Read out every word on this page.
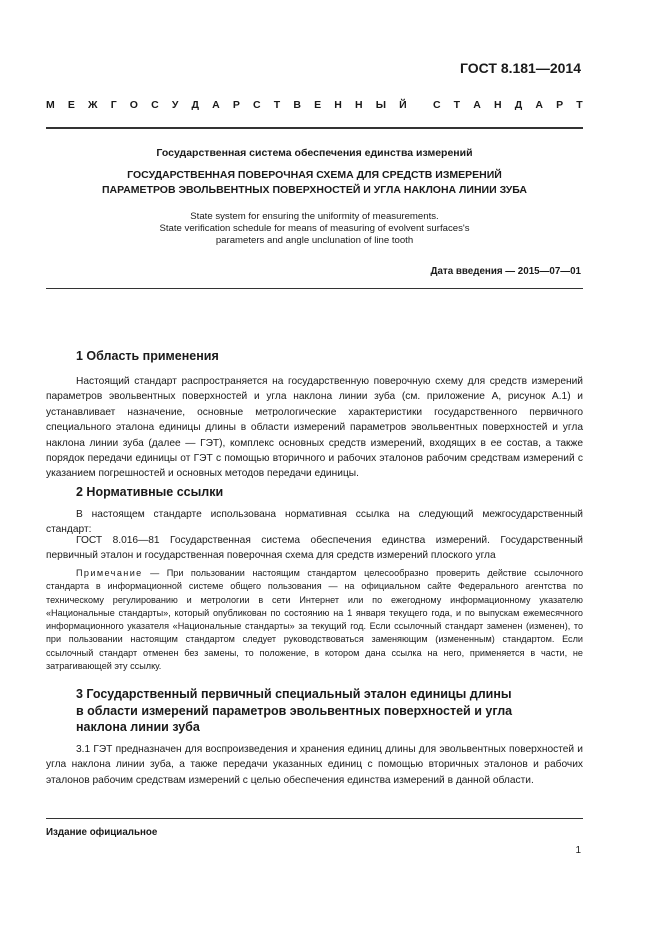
ГОСТ 8.181—2014
М Е Ж Г О С У Д А Р С Т В Е Н Н Ы Й	С Т А Н Д А Р Т
Государственная система обеспечения единства измерений
ГОСУДАРСТВЕННАЯ ПОВЕРОЧНАЯ СХЕМА ДЛЯ СРЕДСТВ ИЗМЕРЕНИЙ
ПАРАМЕТРОВ ЭВОЛЬВЕНТНЫХ ПОВЕРХНОСТЕЙ И УГЛА НАКЛОНА ЛИНИИ ЗУБА
State system for ensuring the uniformity of measurements.
State verification schedule for means of measuring of evolvent surfaces's
parameters and angle unclunation of line tooth
Дата введения — 2015—07—01
1 Область применения
Настоящий стандарт распространяется на государственную поверочную схему для средств измерений параметров эвольвентных поверхностей и угла наклона линии зуба (см. приложение А, рисунок А.1) и устанавливает назначение, основные метрологические характеристики государственного первичного специального эталона единицы длины в области измерений параметров эвольвентных поверхностей и угла наклона линии зуба (далее — ГЭТ), комплекс основных средств измерений, входящих в ее состав, а также порядок передачи единицы от ГЭТ с помощью вторичного и рабочих эталонов рабочим средствам измерений с указанием погрешностей и основных методов передачи единицы.
2 Нормативные ссылки
В настоящем стандарте использована нормативная ссылка на следующий межгосударственный стандарт:
ГОСТ 8.016—81 Государственная система обеспечения единства измерений. Государственный первичный эталон и государственная поверочная схема для средств измерений плоского угла
Примечание — При пользовании настоящим стандартом целесообразно проверить действие ссылочного стандарта в информационной системе общего пользования — на официальном сайте Федерального агентства по техническому регулированию и метрологии в сети Интернет или по ежегодному информационному указателю «Национальные стандарты», который опубликован по состоянию на 1 января текущего года, и по выпускам ежемесячного информационного указателя «Национальные стандарты» за текущий год. Если ссылочный стандарт заменен (изменен), то при пользовании настоящим стандартом следует руководствоваться заменяющим (измененным) стандартом. Если ссылочный стандарт отменен без замены, то положение, в котором дана ссылка на него, применяется в части, не затрагивающей эту ссылку.
3 Государственный первичный специальный эталон единицы длины
в области измерений параметров эвольвентных поверхностей и угла
наклона линии зуба
3.1 ГЭТ предназначен для воспроизведения и хранения единиц длины для эвольвентных поверхностей и угла наклона линии зуба, а также передачи указанных единиц с помощью вторичных эталонов и рабочих эталонов рабочим средствам измерений с целью обеспечения единства измерений в данной области.
Издание официальное
1
